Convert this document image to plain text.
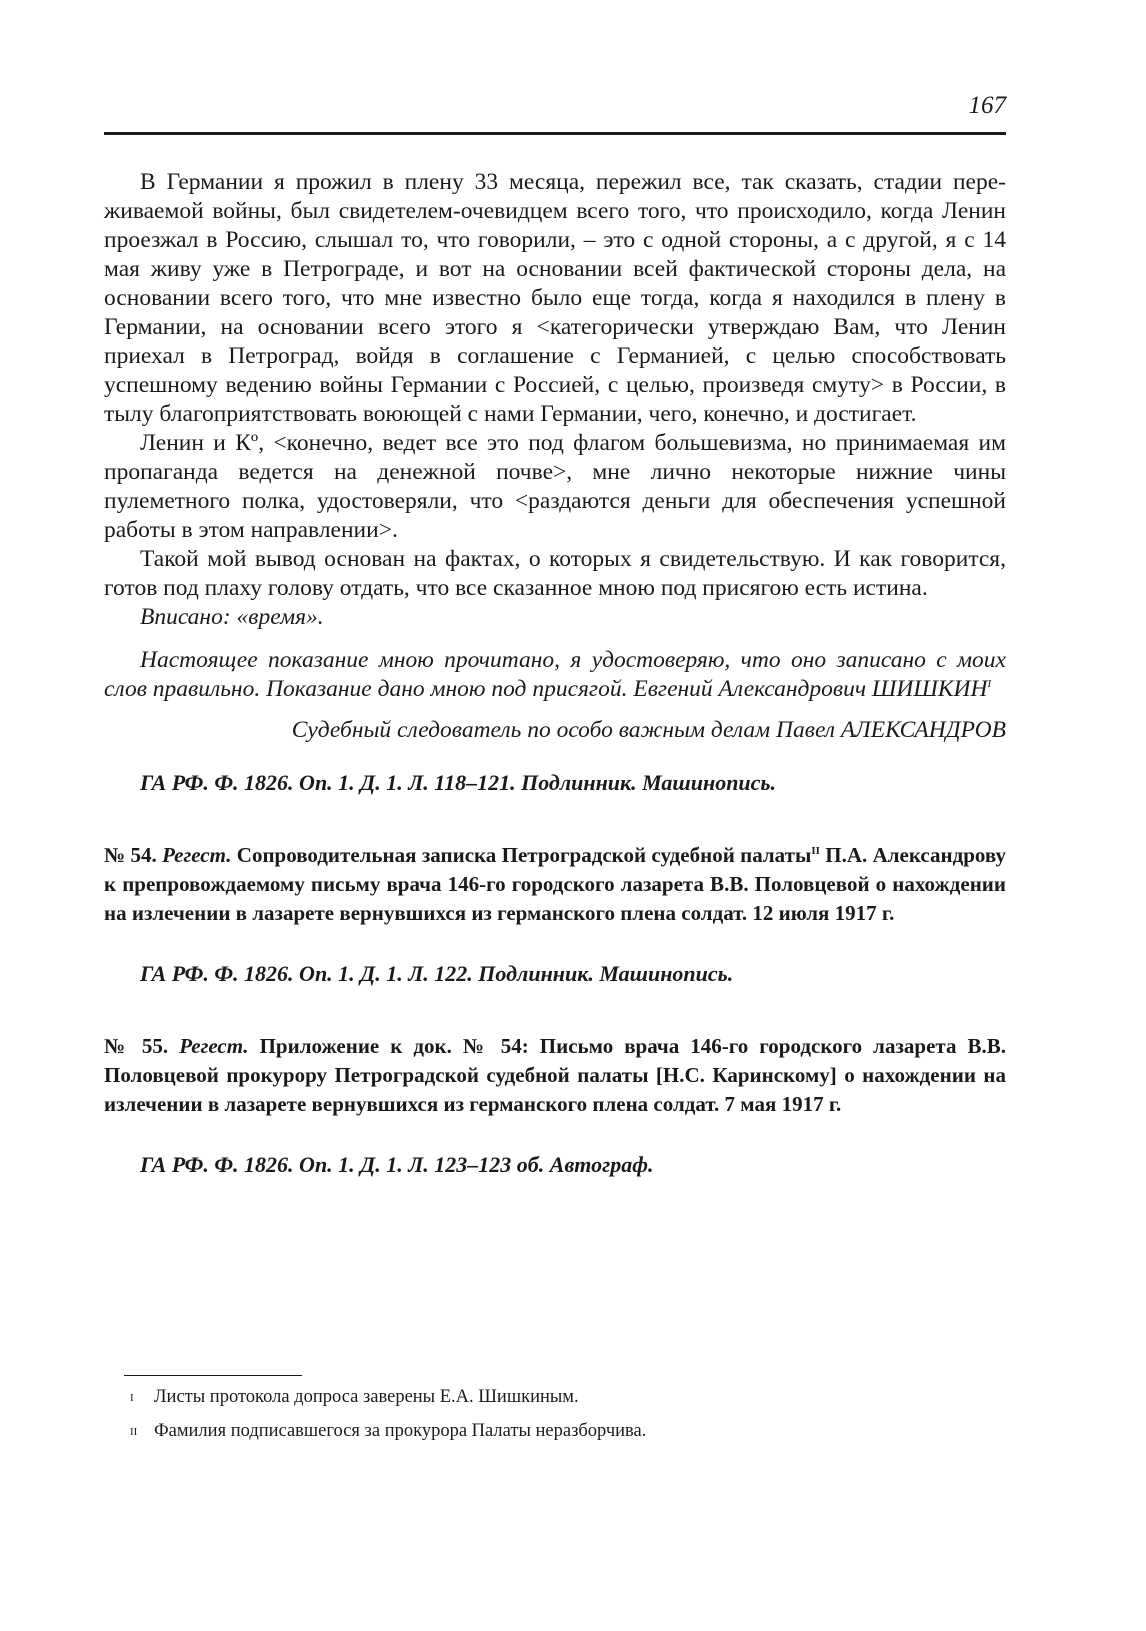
167

В Германии я прожил в плену 33 месяца, пережил все, так сказать, стадии переживаемой войны, был свидетелем-очевидцем всего того, что происходило, когда Ленин проезжал в Россию, слышал то, что говорили, – это с одной стороны, а с другой, я с 14 мая живу уже в Петрограде, и вот на основании всей фактической стороны дела, на основании всего того, что мне известно было еще тогда, когда я находился в плену в Германии, на основании всего этого я <категорически утверждаю Вам, что Ленин приехал в Петроград, войдя в соглашение с Германией, с целью способствовать успешному ведению войны Германии с Россией, с целью, произведя смуту> в России, в тылу благоприятствовать воюющей с нами Германии, чего, конечно, и достигает.

Ленин и Кº, <конечно, ведет все это под флагом большевизма, но принимаемая им пропаганда ведется на денежной почве>, мне лично некоторые нижние чины пулеметного полка, удостоверяли, что <раздаются деньги для обеспечения успешной работы в этом направлении>.

Такой мой вывод основан на фактах, о которых я свидетельствую. И как говорится, готов под плаху голову отдать, что все сказанное мною под присягою есть истина.

Вписано: «время».

Настоящее показание мною прочитано, я удостоверяю, что оно записано с моих слов правильно. Показание дано мною под присягой. Евгений Александрович ШИШКИН$^I$

Судебный следователь по особо важным делам Павел АЛЕКСАНДРОВ

ГА РФ. Ф. 1826. Оп. 1. Д. 1. Л. 118–121. Подлинник. Машинопись.

№ 54. Регест. Сопроводительная записка Петроградской судебной палаты$^{II}$ П.А. Александрову к препровождаемому письму врача 146-го городского лазарета В.В. Половцевой о нахождении на излечении в лазарете вернувшихся из германского плена солдат. 12 июля 1917 г.

ГА РФ. Ф. 1826. Оп. 1. Д. 1. Л. 122. Подлинник. Машинопись.

№ 55. Регест. Приложение к док. № 54: Письмо врача 146-го городского лазарета В.В. Половцевой прокурору Петроградской судебной палаты [Н.С. Каринскому] о нахождении на излечении в лазарете вернувшихся из германского плена солдат. 7 мая 1917 г.

ГА РФ. Ф. 1826. Оп. 1. Д. 1. Л. 123–123 об. Автограф.

I	Листы протокола допроса заверены Е.А. Шишкиным.

II Фамилия подписавшегося за прокурора Палаты неразборчива.
